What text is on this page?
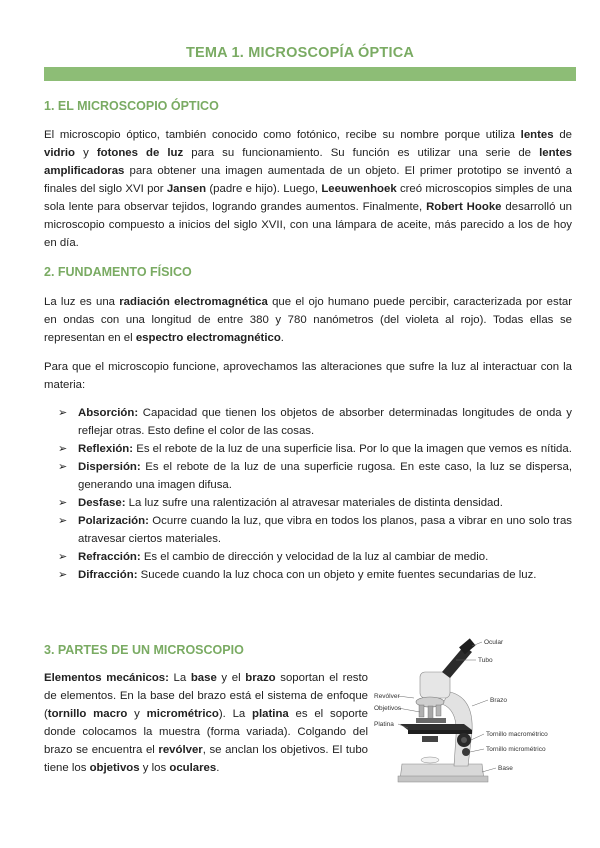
TEMA 1. MICROSCOPÍA ÓPTICA
1. EL MICROSCOPIO ÓPTICO
El microscopio óptico, también conocido como fotónico, recibe su nombre porque utiliza lentes de vidrio y fotones de luz para su funcionamiento. Su función es utilizar una serie de lentes amplificadoras para obtener una imagen aumentada de un objeto. El primer prototipo se inventó a finales del siglo XVI por Jansen (padre e hijo). Luego, Leeuwenhoek creó microscopios simples de una sola lente para observar tejidos, logrando grandes aumentos. Finalmente, Robert Hooke desarrolló un microscopio compuesto a inicios del siglo XVII, con una lámpara de aceite, más parecido a los de hoy en día.
2. FUNDAMENTO FÍSICO
La luz es una radiación electromagnética que el ojo humano puede percibir, caracterizada por estar en ondas con una longitud de entre 380 y 780 nanómetros (del violeta al rojo). Todas ellas se representan en el espectro electromagnético.
Para que el microscopio funcione, aprovechamos las alteraciones que sufre la luz al interactuar con la materia:
➢ Absorción: Capacidad que tienen los objetos de absorber determinadas longitudes de onda y reflejar otras. Esto define el color de las cosas.
➢ Reflexión: Es el rebote de la luz de una superficie lisa. Por lo que la imagen que vemos es nítida.
➢ Dispersión: Es el rebote de la luz de una superficie rugosa. En este caso, la luz se dispersa, generando una imagen difusa.
➢ Desfase: La luz sufre una ralentización al atravesar materiales de distinta densidad.
➢ Polarización: Ocurre cuando la luz, que vibra en todos los planos, pasa a vibrar en uno solo tras atravesar ciertos materiales.
➢ Refracción: Es el cambio de dirección y velocidad de la luz al cambiar de medio.
➢ Difracción: Sucede cuando la luz choca con un objeto y emite fuentes secundarias de luz.
3. PARTES DE UN MICROSCOPIO
Elementos mecánicos: La base y el brazo soportan el resto de elementos. En la base del brazo está el sistema de enfoque (tornillo macro y micrométrico). La platina es el soporte donde colocamos la muestra (forma variada). Colgando del brazo se encuentra el revólver, se anclan los objetivos. El tubo tiene los objetivos y los oculares.
Ocular
Tubo
Brazo
Revólver
Objetivos
Platina
Tornillo macrométrico
Tornillo micrométrico
Base
